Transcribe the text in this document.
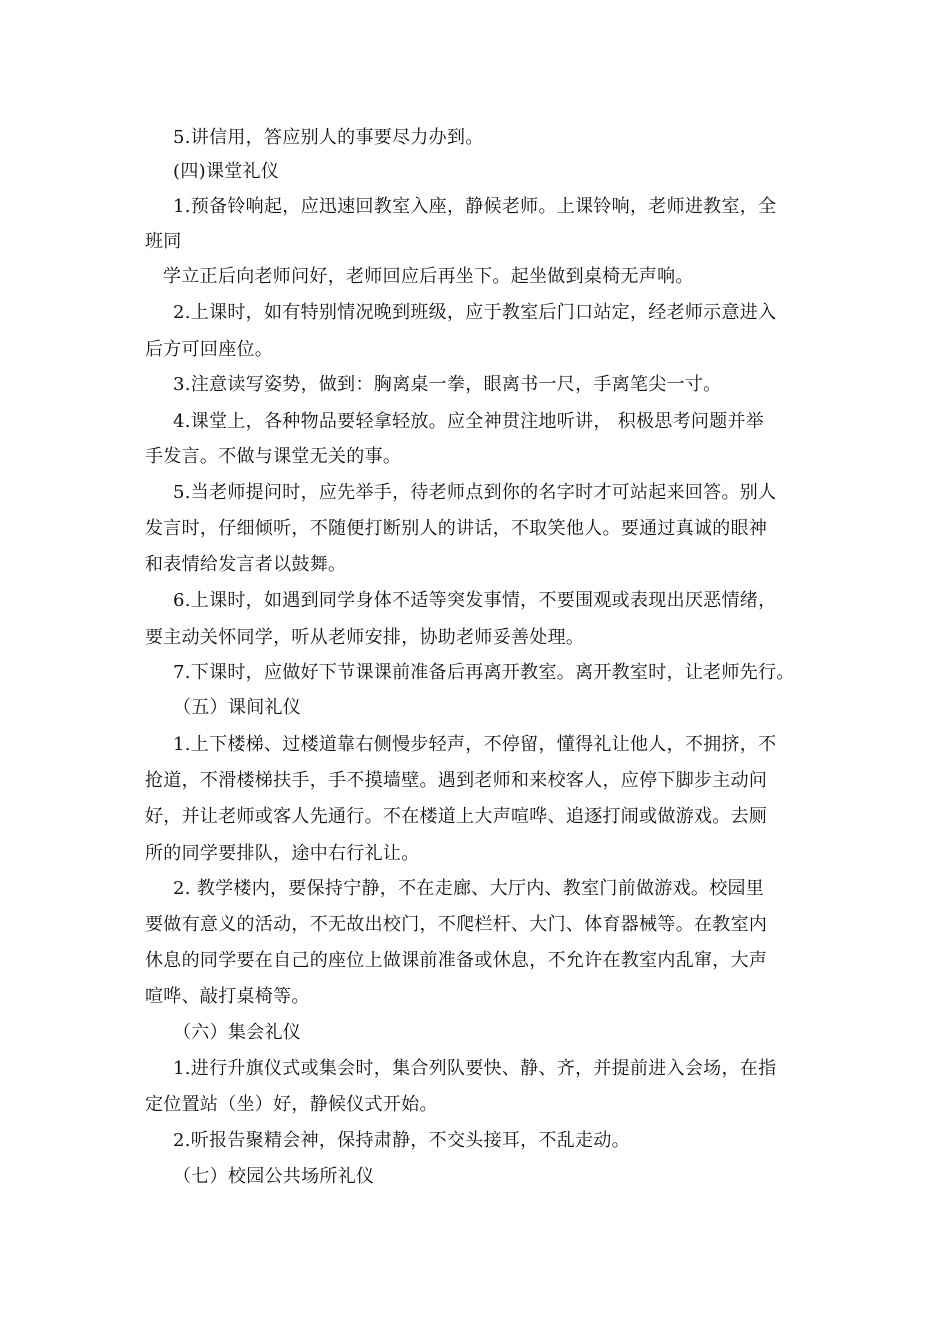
5.讲信用，答应别人的事要尽力办到。
(四)课堂礼仪
1.预备铃响起，应迅速回教室入座，静候老师。上课铃响，老师进教室，全
班同
学立正后向老师问好，老师回应后再坐下。起坐做到桌椅无声响。
2.上课时，如有特别情况晚到班级，应于教室后门口站定，经老师示意进入
后方可回座位。
3.注意读写姿势，做到：胸离桌一拳，眼离书一尺，手离笔尖一寸。
4.课堂上，各种物品要轻拿轻放。应全神贯注地听讲， 积极思考问题并举
手发言。不做与课堂无关的事。
5.当老师提问时，应先举手，待老师点到你的名字时才可站起来回答。别人
发言时，仔细倾听，不随便打断别人的讲话，不取笑他人。要通过真诚的眼神
和表情给发言者以鼓舞。
6.上课时，如遇到同学身体不适等突发事情，不要围观或表现出厌恶情绪，
要主动关怀同学，听从老师安排，协助老师妥善处理。
7.下课时，应做好下节课课前准备后再离开教室。离开教室时，让老师先行。
（五）课间礼仪
1.上下楼梯、过楼道靠右侧慢步轻声，不停留，懂得礼让他人，不拥挤，不
抢道，不滑楼梯扶手，手不摸墙壁。遇到老师和来校客人，应停下脚步主动问
好，并让老师或客人先通行。不在楼道上大声喧哗、追逐打闹或做游戏。去厕
所的同学要排队，途中右行礼让。
2. 教学楼内，要保持宁静，不在走廊、大厅内、教室门前做游戏。校园里
要做有意义的活动，不无故出校门，不爬栏杆、大门、体育器械等。在教室内
休息的同学要在自己的座位上做课前准备或休息，不允许在教室内乱窜，大声
喧哗、敲打桌椅等。
（六）集会礼仪
1.进行升旗仪式或集会时，集合列队要快、静、齐，并提前进入会场，在指
定位置站（坐）好，静候仪式开始。
2.听报告聚精会神，保持肃静，不交头接耳，不乱走动。
（七）校园公共场所礼仪
